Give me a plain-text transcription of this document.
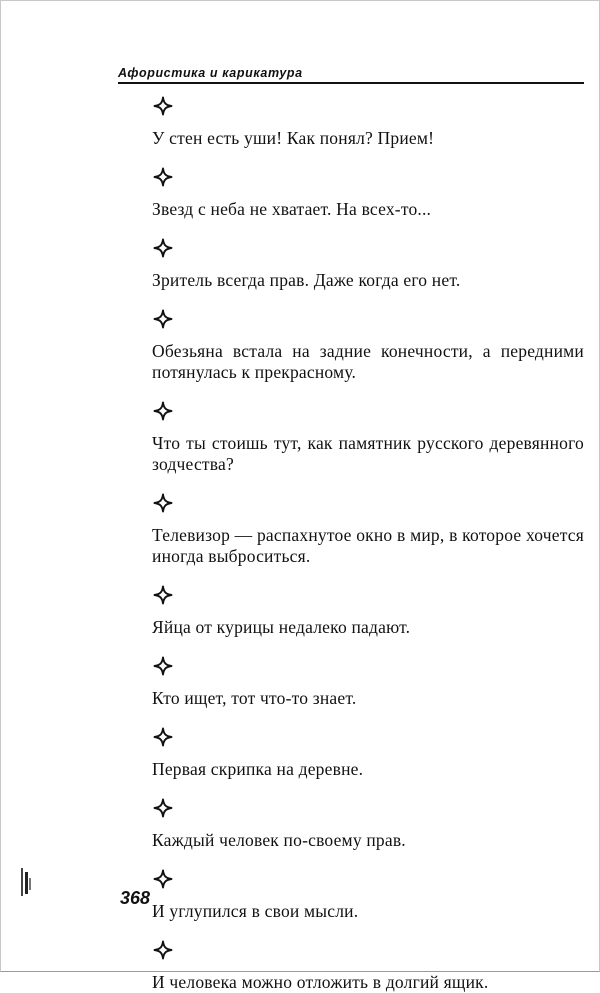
Афористика и карикатура

У стен есть уши! Как понял? Прием!

Звезд с неба не хватает. На всех-то...

Зритель всегда прав. Даже когда его нет.

Обезьяна встала на задние конечности, а передними потянулась к прекрасному.

Что ты стоишь тут, как памятник русского деревянного зодчества?

Телевизор — распахнутое окно в мир, в которое хочется иногда выброситься.

Яйца от курицы недалеко падают.

Кто ищет, тот что-то знает.

Первая скрипка на деревне.

Каждый человек по-своему прав.

И углупился в свои мысли.

И человека можно отложить в долгий ящик.

368
